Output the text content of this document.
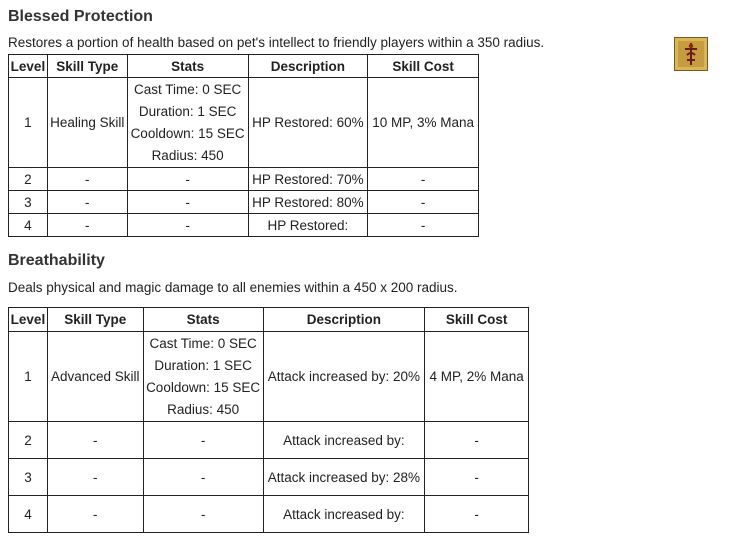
Blessed Protection

Restores a portion of health based on pet's intellect to friendly players within a 350 radius.

Level	Skill Type	Stats	Description	Skill Cost
1	Healing Skill	Cast Time: 0 SEC
Duration: 1 SEC
Cooldown: 15 SEC
Radius: 450	HP Restored: 60%	10 MP, 3% Mana
2	-	-	HP Restored: 70%	-
3	-	-	HP Restored: 80%	-
4	-	-	HP Restored:	-
Breathability

Deals physical and magic damage to all enemies within a 450 x 200 radius.

Level	Skill Type	Stats	Description	Skill Cost
1	Advanced Skill	Cast Time: 0 SEC
Duration: 1 SEC
Cooldown: 15 SEC
Radius: 450	Attack increased by: 20%	4 MP, 2% Mana
2	-	-	Attack increased by:	-
3	-	-	Attack increased by: 28%	-
4	-	-	Attack increased by:	-
